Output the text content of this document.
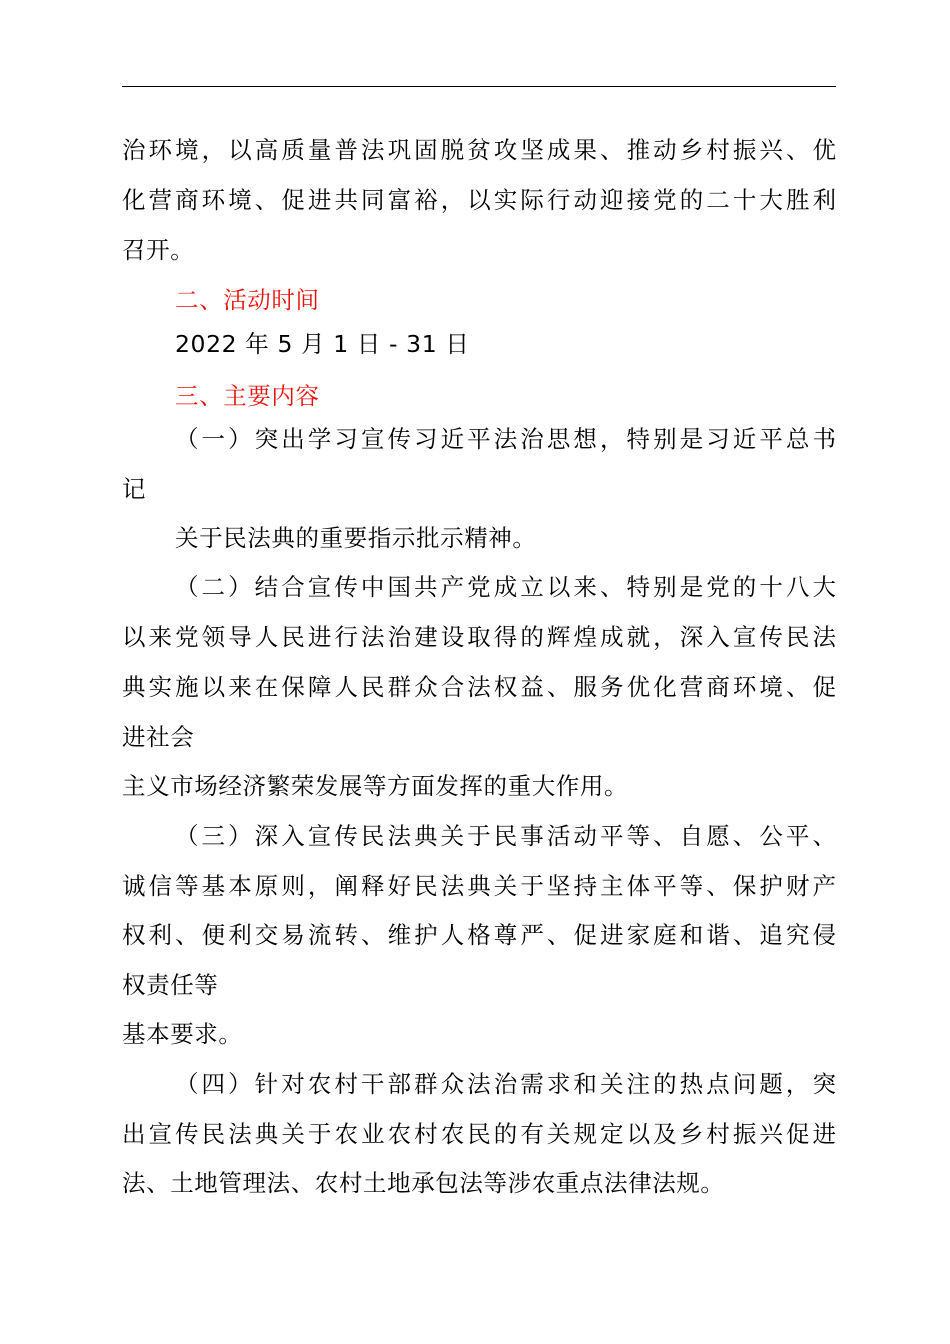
治环境，以高质量普法巩固脱贫攻坚成果、推动乡村振兴、优
化营商环境、促进共同富裕，以实际行动迎接党的二十大胜利
召开。
二、活动时间
2022 年 5 月 1 日 - 31 日
三、主要内容
（一）突出学习宣传习近平法治思想，特别是习近平总书
记
关于民法典的重要指示批示精神。
（二）结合宣传中国共产党成立以来、特别是党的十八大
以来党领导人民进行法治建设取得的辉煌成就，深入宣传民法
典实施以来在保障人民群众合法权益、服务优化营商环境、促
进社会
主义市场经济繁荣发展等方面发挥的重大作用。
（三）深入宣传民法典关于民事活动平等、自愿、公平、
诚信等基本原则，阐释好民法典关于坚持主体平等、保护财产
权利、便利交易流转、维护人格尊严、促进家庭和谐、追究侵
权责任等
基本要求。
（四）针对农村干部群众法治需求和关注的热点问题，突
出宣传民法典关于农业农村农民的有关规定以及乡村振兴促进
法、土地管理法、农村土地承包法等涉农重点法律法规。
